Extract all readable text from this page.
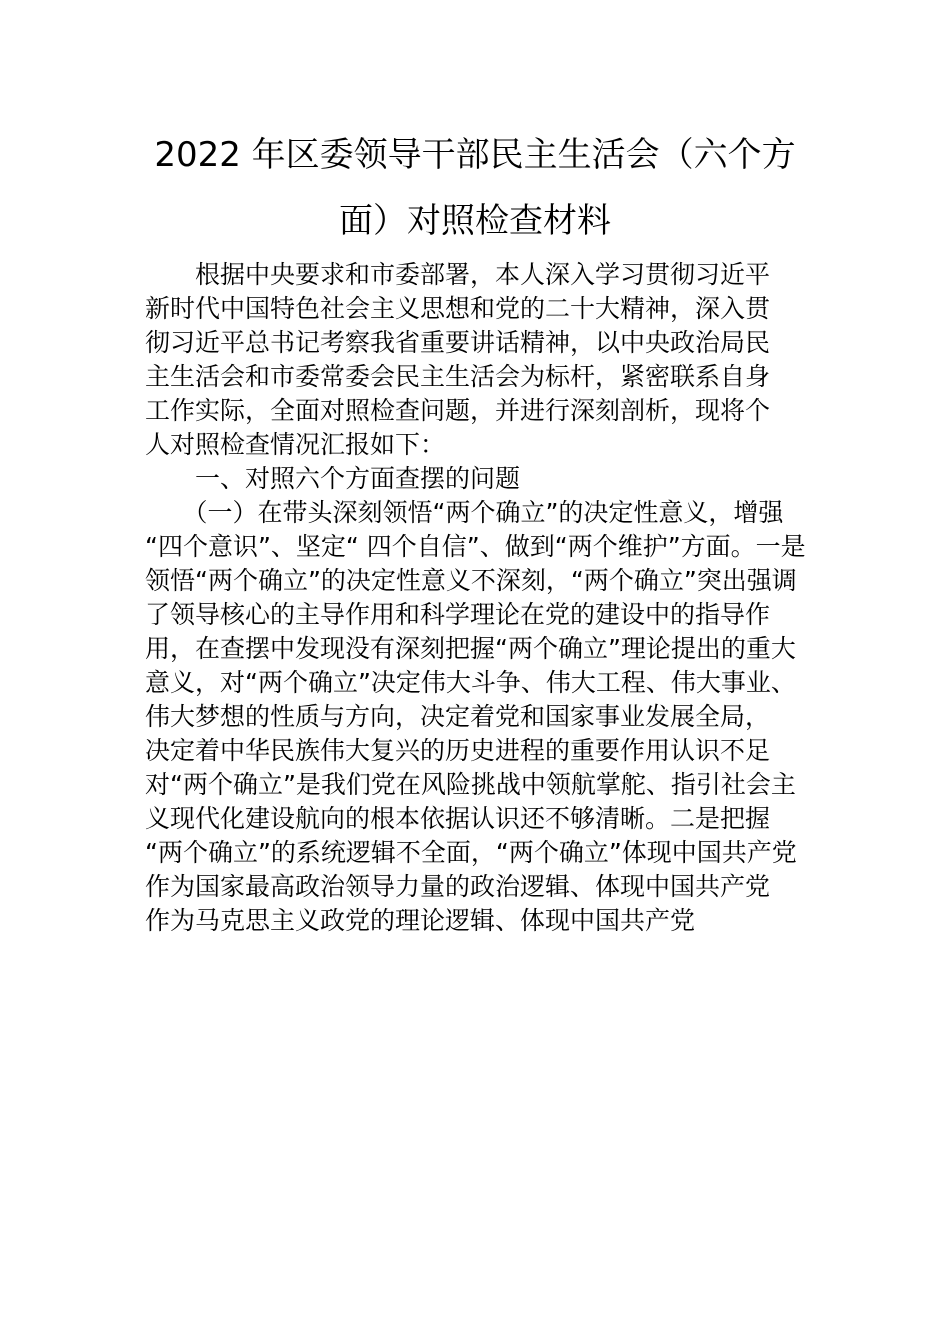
2022 年区委领导干部民主生活会（六个方
面）对照检查材料
　　根据中央要求和市委部署，本人深入学习贯彻习近平
新时代中国特色社会主义思想和党的二十大精神，深入贯
彻习近平总书记考察我省重要讲话精神，以中央政治局民
主生活会和市委常委会民主生活会为标杆，紧密联系自身
工作实际，全面对照检查问题，并进行深刻剖析，现将个
人对照检查情况汇报如下：
　　一、对照六个方面查摆的问题
　　（一）在带头深刻领悟“两个确立”的决定性意义，增强
“四个意识”、坚定“ 四个自信”、做到“两个维护”方面。一是
领悟“两个确立”的决定性意义不深刻，“两个确立”突出强调
了领导核心的主导作用和科学理论在党的建设中的指导作
用，在查摆中发现没有深刻把握“两个确立”理论提出的重大
意义，对“两个确立”决定伟大斗争、伟大工程、伟大事业、
伟大梦想的性质与方向，决定着党和国家事业发展全局，
决定着中华民族伟大复兴的历史进程的重要作用认识不足
对“两个确立”是我们党在风险挑战中领航掌舵、指引社会主
义现代化建设航向的根本依据认识还不够清晰。二是把握
“两个确立”的系统逻辑不全面，“两个确立”体现中国共产党
作为国家最高政治领导力量的政治逻辑、体现中国共产党
作为马克思主义政党的理论逻辑、体现中国共产党
